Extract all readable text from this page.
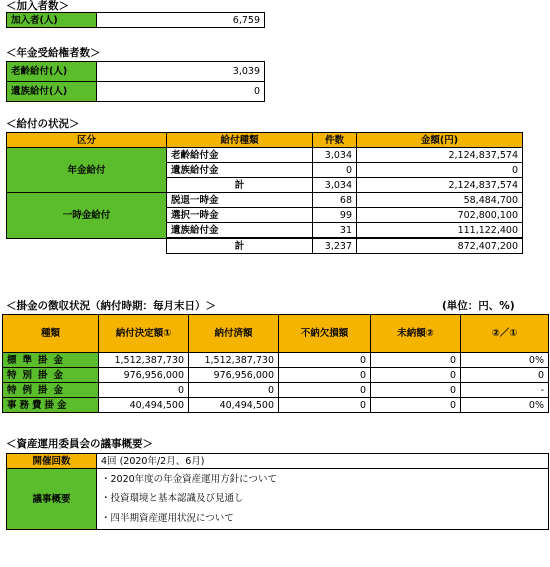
＜加入者数＞
加入者(人)	6,759
＜年金受給権者数＞
老齢給付(人)	3,039
遺族給付(人)	0
＜給付の状況＞
区分	給付種類	件数	金額(円)
年金給付	老齢給付金	3,034	2,124,837,574
	遺族給付金	0	0
	計	3,034	2,124,837,574
一時金給付	脱退一時金	68	58,484,700
	選択一時金	99	702,800,100
	遺族給付金	31	111,122,400
	計	3,237	872,407,200
＜掛金の徴収状況（納付時期：毎月末日）＞	(単位：円、%)
種類	納付決定額①	納付済額	不納欠損額	未納額②	②／①
標準掛金	1,512,387,730	1,512,387,730	0	0	0%
特別掛金	976,956,000	976,956,000	0	0	0
特例掛金	0	0	0	0	-
事務費掛金	40,494,500	40,494,500	0	0	0%
＜資産運用委員会の議事概要＞
開催回数	4回 (2020年/2月、6月)
議事概要	・2020年度の年金資産運用方針について
	・投資環境と基本認識及び見通し
	・四半期資産運用状況について
